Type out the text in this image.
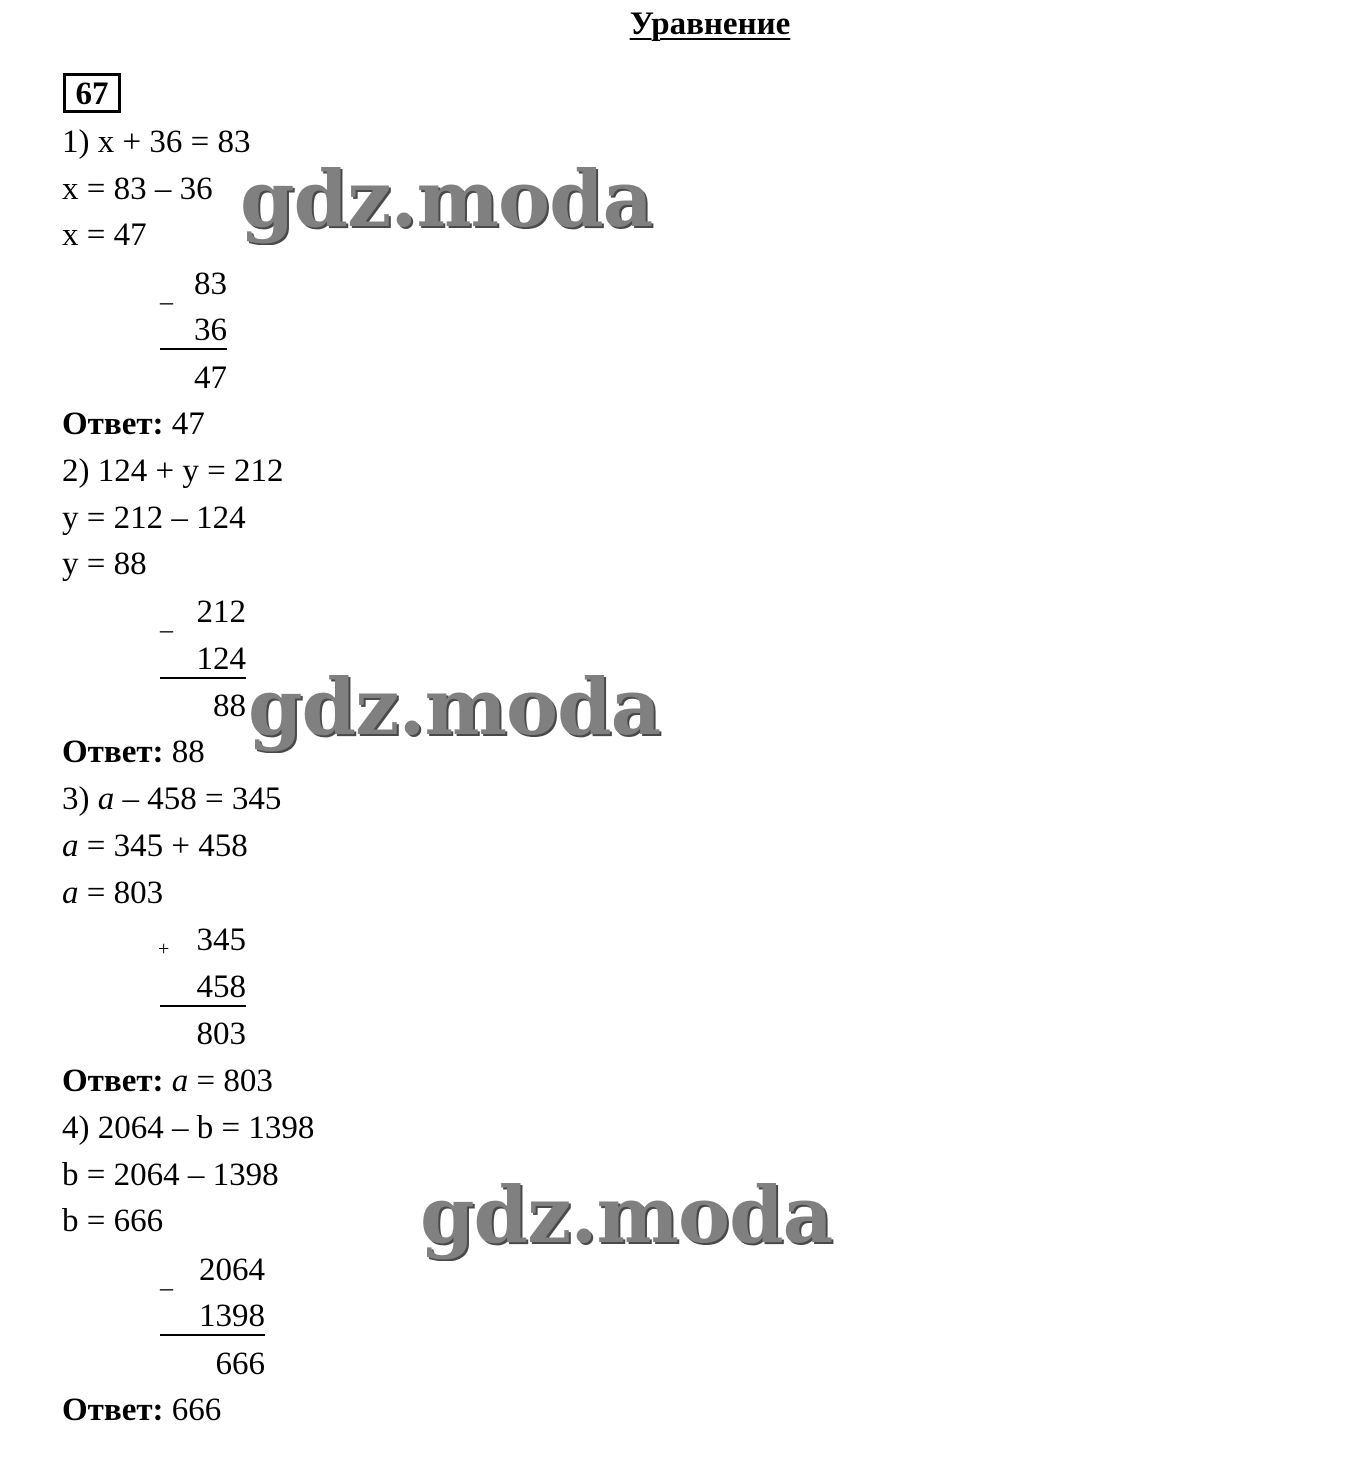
Уравнение
67
1) x + 36 = 83
x = 83 – 36
x = 47
_ 83
36
47
Ответ: 47
2) 124 + y = 212
y = 212 – 124
y = 88
_ 212
124
88
Ответ: 88
3) a – 458 = 345
a = 345 + 458
a = 803
+ 345
458
803
Ответ: a = 803
4) 2064 – b = 1398
b = 2064 – 1398
b = 666
_ 2064
1398
666
Ответ: 666
gdz.moda
gdz.moda
gdz.moda
